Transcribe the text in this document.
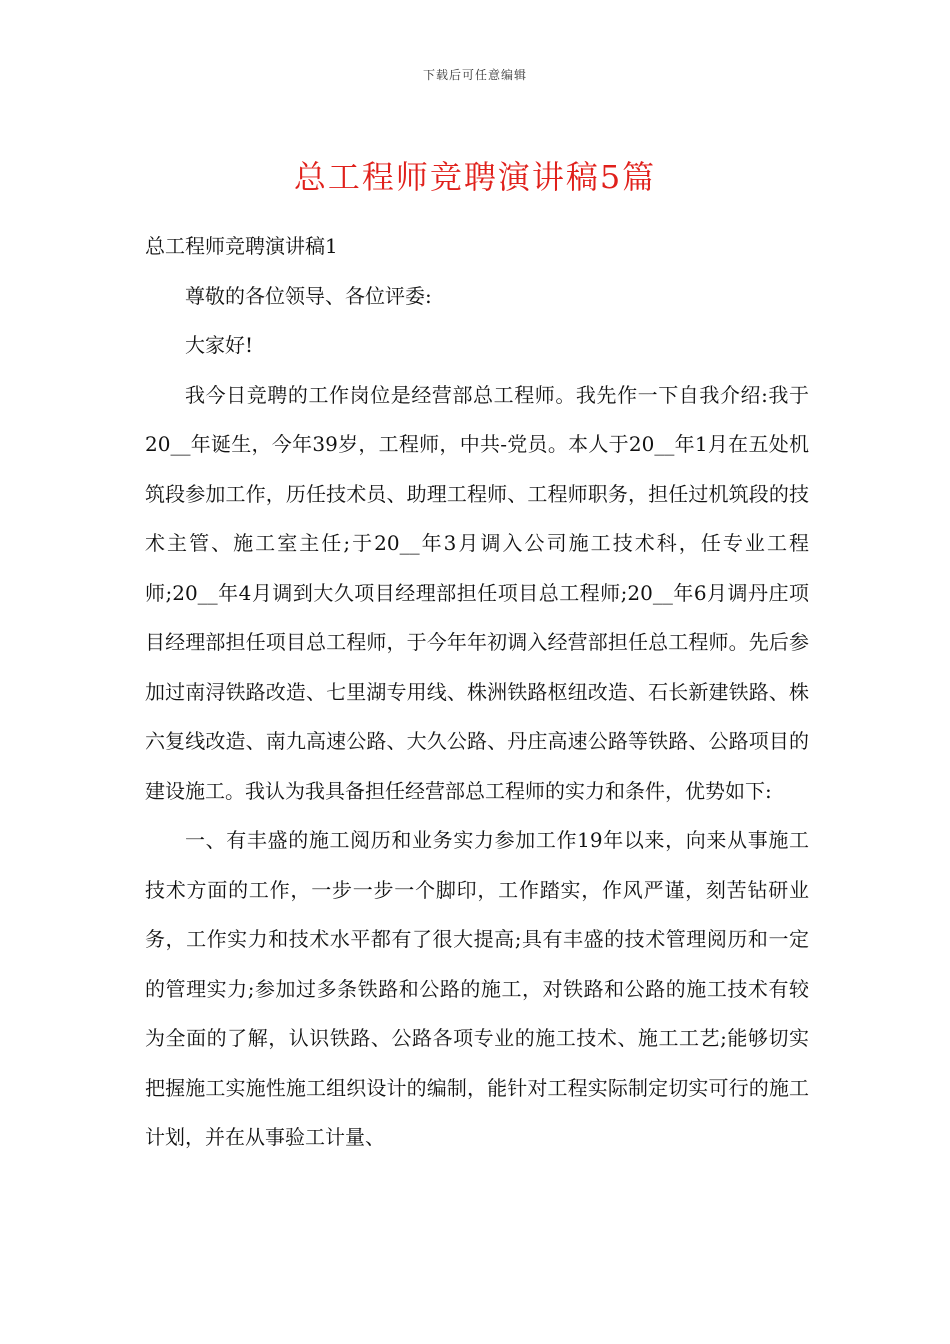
下载后可任意编辑
总工程师竞聘演讲稿5篇

总工程师竞聘演讲稿1

尊敬的各位领导、各位评委:

大家好!

我今日竞聘的工作岗位是经营部总工程师。我先作一下自我介绍:我于20__年诞生，今年39岁，工程师，中共-党员。本人于20__年1月在五处机筑段参加工作，历任技术员、助理工程师、工程师职务，担任过机筑段的技术主管、施工室主任;于20__年3月调入公司施工技术科，任专业工程师;20__年4月调到大久项目经理部担任项目总工程师;20__年6月调丹庄项目经理部担任项目总工程师，于今年年初调入经营部担任总工程师。先后参加过南浔铁路改造、七里湖专用线、株洲铁路枢纽改造、石长新建铁路、株六复线改造、南九高速公路、大久公路、丹庄高速公路等铁路、公路项目的建设施工。我认为我具备担任经营部总工程师的实力和条件，优势如下:

一、有丰盛的施工阅历和业务实力参加工作19年以来，向来从事施工技术方面的工作，一步一步一个脚印，工作踏实，作风严谨，刻苦钻研业务，工作实力和技术水平都有了很大提高;具有丰盛的技术管理阅历和一定的管理实力;参加过多条铁路和公路的施工，对铁路和公路的施工技术有较为全面的了解，认识铁路、公路各项专业的施工技术、施工工艺;能够切实把握施工实施性施工组织设计的编制，能针对工程实际制定切实可行的施工计划，并在从事验工计量、
